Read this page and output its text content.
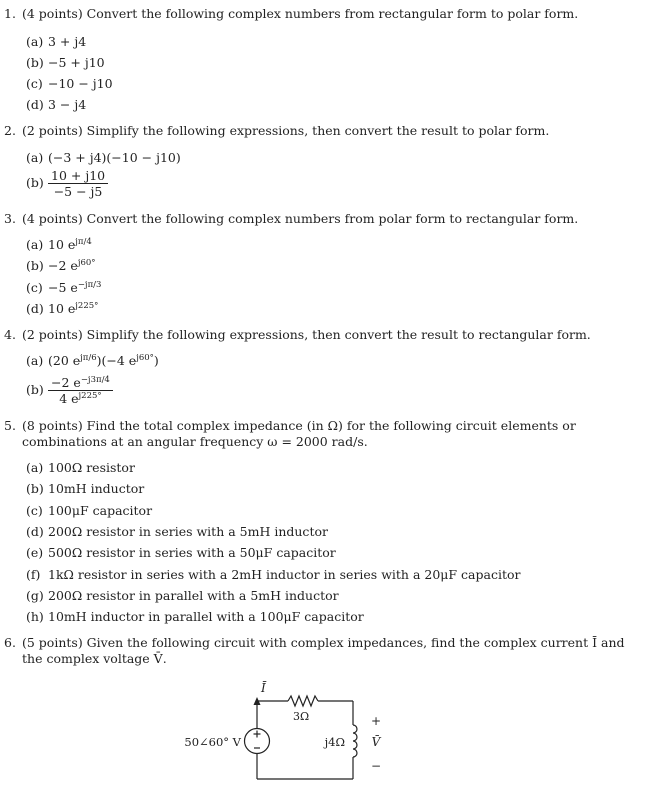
1. (4 points) Convert the following complex numbers from rectangular form to polar form.
(a) 3 + j4
(b) −5 + j10
(c) −10 − j10
(d) 3 − j4
2. (2 points) Simplify the following expressions, then convert the result to polar form.
(a) (−3 + j4)(−10 − j10)
$(b) \frac{10 + j10}{-5 - j5}$
3. (4 points) Convert the following complex numbers from polar form to rectangular form.
(a) 10 $e^{j\pi/4}$
(b) −2 $e^{j60^\circ}$
(c) −5 $e^{-j\pi/3}$
(d) 10 $e^{j225^\circ}$
4. (2 points) Simplify the following expressions, then convert the result to rectangular form.
(a) (20 $e^{j\pi/6})(-4$ $e^{j60^\circ}$)
$(b) \frac{-2 e^{-j3\pi/4}}{4 e^{j225^\circ}}$
5. (8 points) Find the total complex impedance (in Ω) for the following circuit elements or combinations at an angular frequency ω = 2000 rad/s.
(a) 100Ω resistor
(b) 10mH inductor
(c) 100μF capacitor
(d) 200Ω resistor in series with a 5mH inductor
(e) 500Ω resistor in series with a 50μF capacitor
(f) 1kΩ resistor in series with a 2mH inductor in series with a 20μF capacitor
(g) 200Ω resistor in parallel with a 5mH inductor
(h) 10mH inductor in parallel with a 100μF capacitor
6. (5 points) Given the following circuit with complex impedances, find the complex current Ī and the complex voltage V̄.
Ī
3Ω
50∠60° V	j4Ω
+
V̄
−
